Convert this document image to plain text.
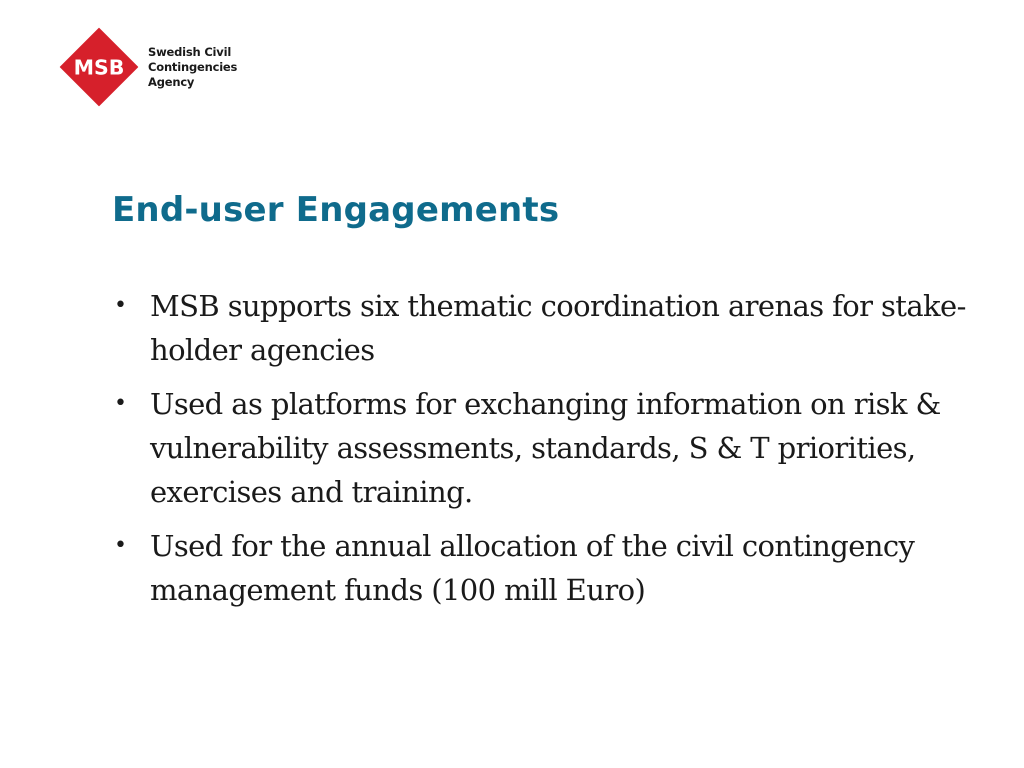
MSB
Swedish Civil
Contingencies
Agency
End-user Engagements
• MSB supports six thematic coordination arenas for stake-holder agencies
• Used as platforms for exchanging information on risk & vulnerability assessments, standards, S & T priorities, exercises and training.
• Used for the annual allocation of the civil contingency management funds (100 mill Euro)
